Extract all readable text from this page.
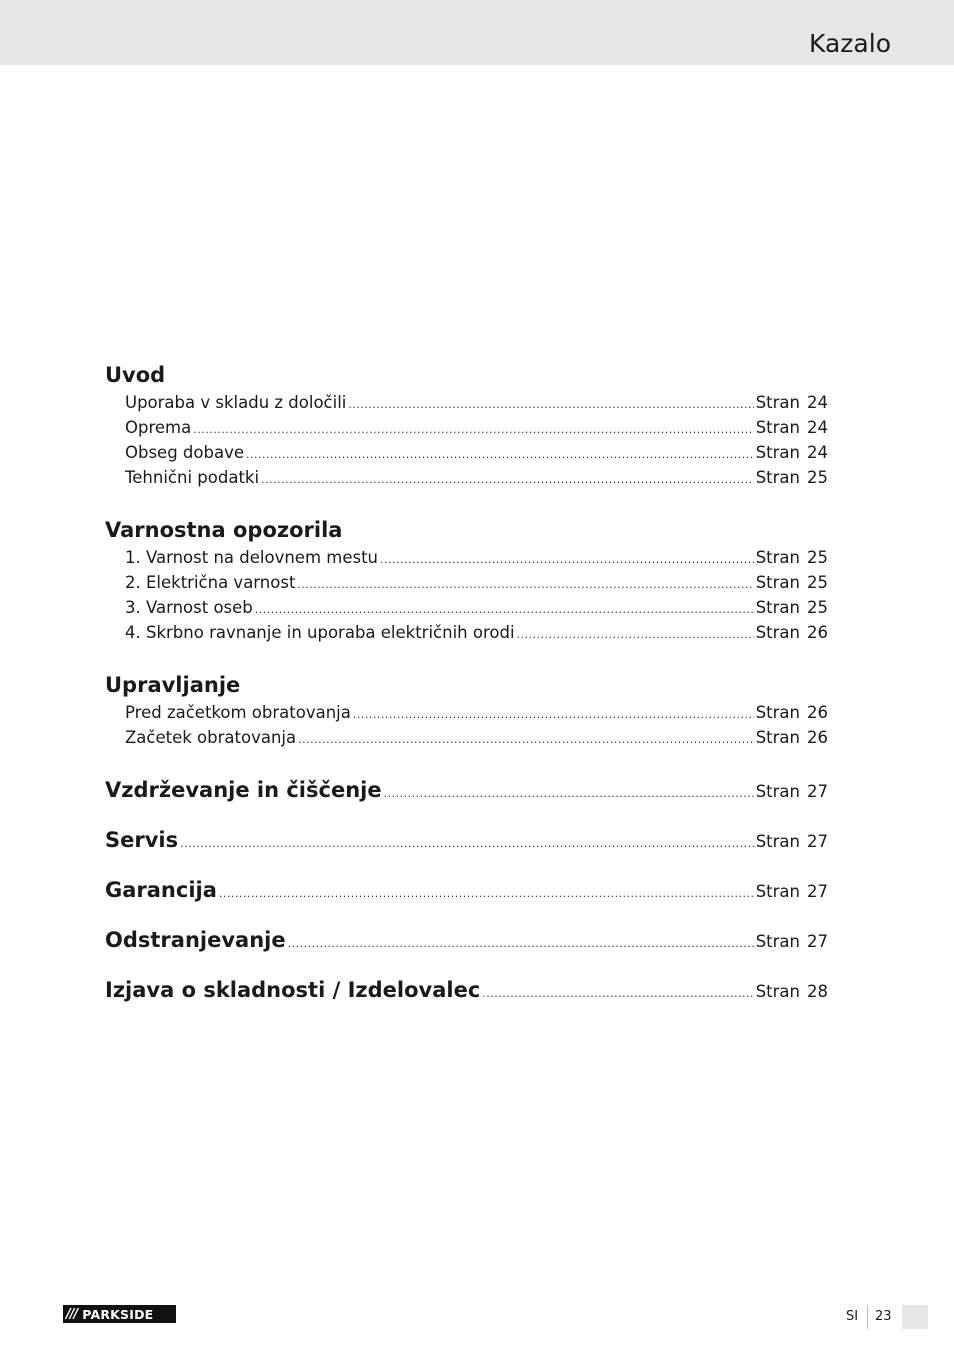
Kazalo
Uvod
Uporaba v skladu z določili .....	Stran 24
Oprema .....	Stran 24
Obseg dobave .....	Stran 24
Tehnični podatki .....	Stran 25
Varnostna opozorila
1. Varnost na delovnem mestu .....	Stran 25
2. Električna varnost .....	Stran 25
3. Varnost oseb .....	Stran 25
4. Skrbno ravnanje in uporaba električnih orodi .....	Stran 26
Upravljanje
Pred začetkom obratovanja .....	Stran 26
Začetek obratovanja .....	Stran 26
Vzdrževanje in čiščenje .....	Stran 27
Servis .....	Stran 27
Garancija .....	Stran 27
Odstranjevanje .....	Stran 27
Izjava o skladnosti / Izdelovalec .....	Stran 28
/// PARKSIDE	SI 23
